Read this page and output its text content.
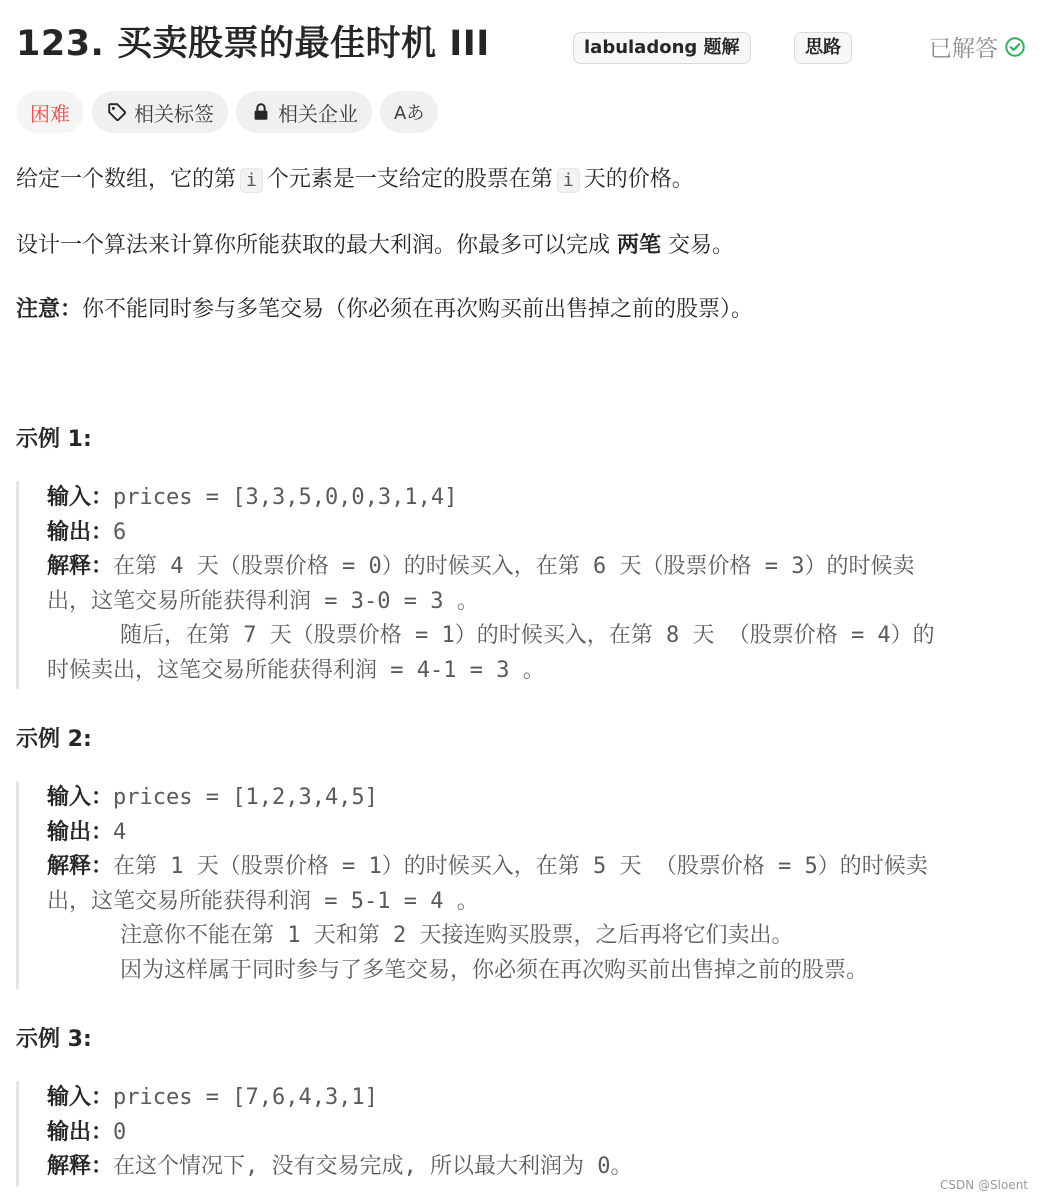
123. 买卖股票的最佳时机 III	labuladong 题解	思路	已解答
困难	相关标签	相关企业 Aあ
给定一个数组，它的第 i 个元素是一支给定的股票在第 i 天的价格。
设计一个算法来计算你所能获取的最大利润。你最多可以完成 两笔 交易。
注意：你不能同时参与多笔交易（你必须在再次购买前出售掉之前的股票）。
示例 1:
输入：prices = [3,3,5,0,0,3,1,4]
输出：6
解释：在第 4 天（股票价格 = 0）的时候买入，在第 6 天（股票价格 = 3）的时候卖
出，这笔交易所能获得利润 = 3-0 = 3 。
随后，在第 7 天（股票价格 = 1）的时候买入，在第 8 天 （股票价格 = 4）的
时候卖出，这笔交易所能获得利润 = 4-1 = 3 。
示例 2:
输入：prices = [1,2,3,4,5]
输出：4
解释：在第 1 天（股票价格 = 1）的时候买入，在第 5 天 （股票价格 = 5）的时候卖
出，这笔交易所能获得利润 = 5-1 = 4 。
注意你不能在第 1 天和第 2 天接连购买股票，之后再将它们卖出。
因为这样属于同时参与了多笔交易，你必须在再次购买前出售掉之前的股票。
示例 3:
输入：prices = [7,6,4,3,1]
输出：0
解释：在这个情况下, 没有交易完成, 所以最大利润为 0。
CSDN @Sloent
